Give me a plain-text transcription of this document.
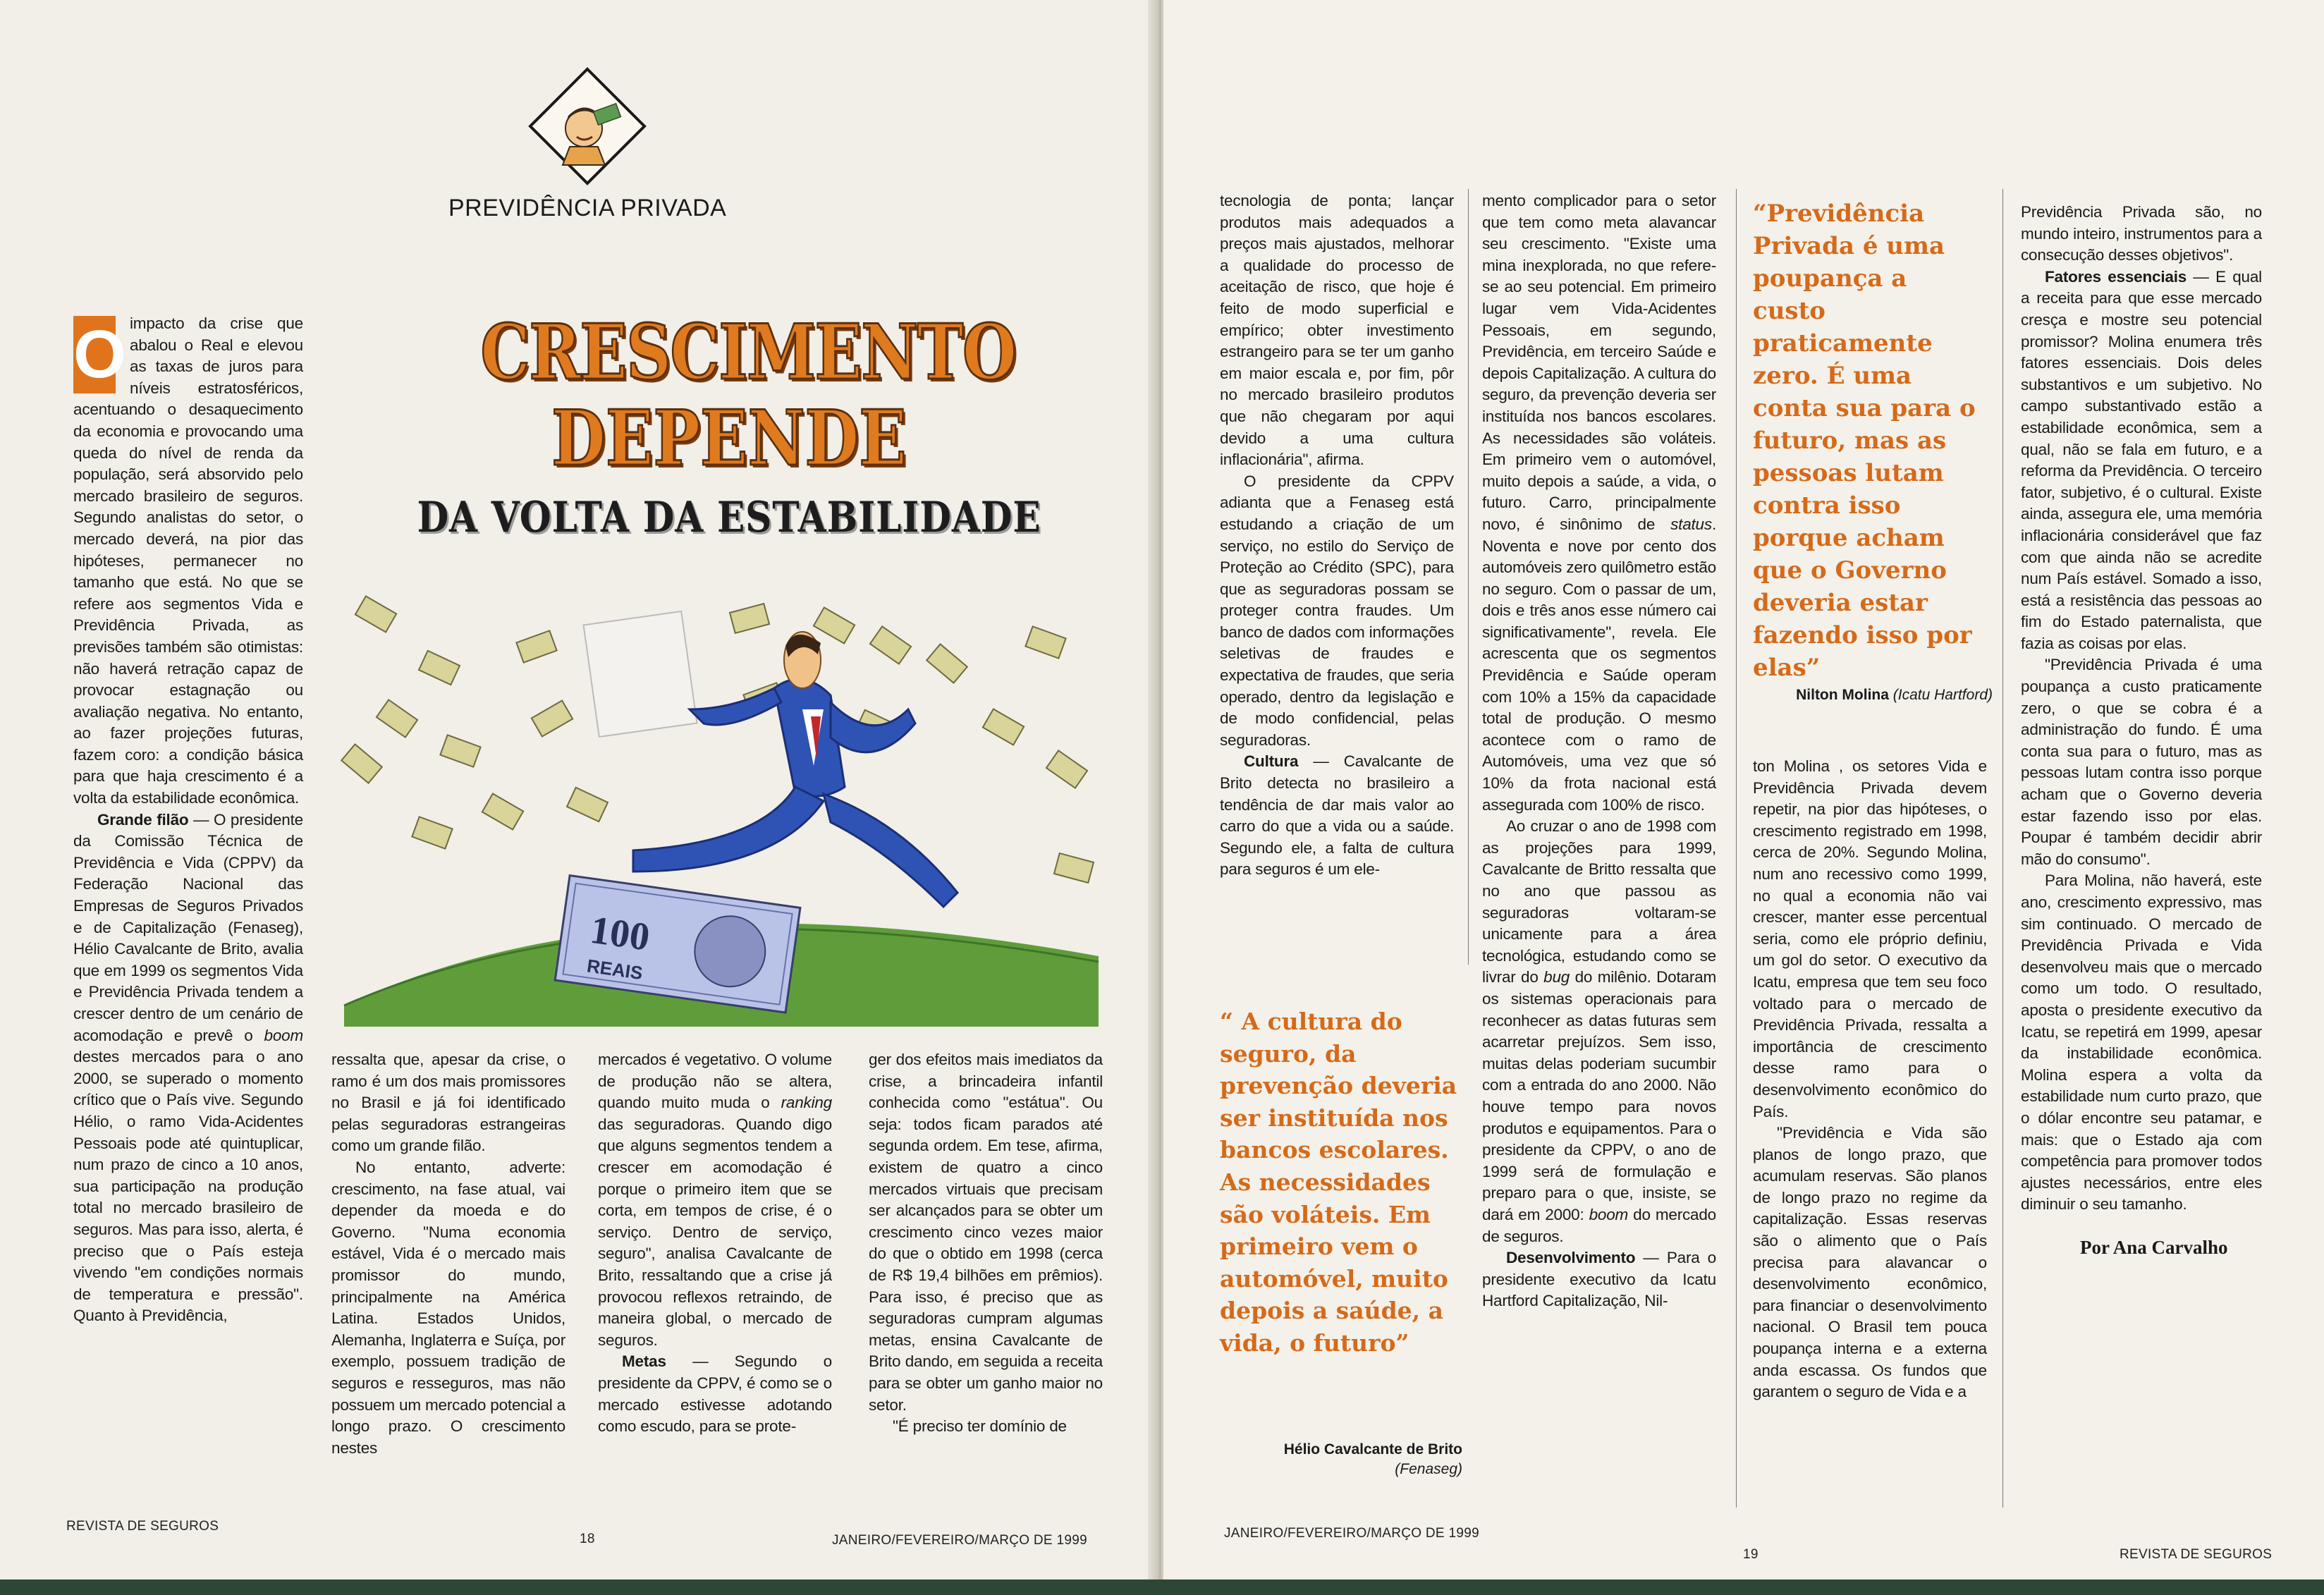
PREVIDÊNCIA PRIVADA
CRESCIMENTO
DEPENDE
DA VOLTA DA ESTABILIDADE
100
REAIS
O impacto da crise que abalou o Real e elevou as taxas de juros para níveis estratosféricos, acentuando o desaquecimento da economia e provocando uma queda do nível de renda da população, será absorvido pelo mercado brasileiro de seguros. Segundo analistas do setor, o mercado deverá, na pior das hipóteses, permanecer no tamanho que está. No que se refere aos segmentos Vida e Previdência Privada, as previsões também são otimistas: não haverá retração capaz de provocar estagnação ou avaliação negativa. No entanto, ao fazer projeções futuras, fazem coro: a condição básica para que haja crescimento é a volta da estabilidade econômica.

Grande filão — O presidente da Comissão Técnica de Previdência e Vida (CPPV) da Federação Nacional das Empresas de Seguros Privados e de Capitalização (Fenaseg), Hélio Cavalcante de Brito, avalia que em 1999 os segmentos Vida e Previdência Privada tendem a crescer dentro de um cenário de acomodação e prevê o boom destes mercados para o ano 2000, se superado o momento crítico que o País vive. Segundo Hélio, o ramo Vida-Acidentes Pessoais pode até quintuplicar, num prazo de cinco a 10 anos, sua participação na produção total no mercado brasileiro de seguros. Mas para isso, alerta, é preciso que o País esteja vivendo "em condições normais de temperatura e pressão". Quanto à Previdência,

ressalta que, apesar da crise, o ramo é um dos mais promissores no Brasil e já foi identificado pelas seguradoras estrangeiras como um grande filão.

No entanto, adverte: crescimento, na fase atual, vai depender da moeda e do Governo. "Numa economia estável, Vida é o mercado mais promissor do mundo, principalmente na América Latina. Estados Unidos, Alemanha, Inglaterra e Suíça, por exemplo, possuem tradição de seguros e resseguros, mas não possuem um mercado potencial a longo prazo. O crescimento nestes

mercados é vegetativo. O volume de produção não se altera, quando muito muda o ranking das seguradoras. Quando digo que alguns segmentos tendem a crescer em acomodação é porque o primeiro item que se corta, em tempos de crise, é o serviço. Dentro de serviço, seguro", analisa Cavalcante de Brito, ressaltando que a crise já provocou reflexos retraindo, de maneira global, o mercado de seguros.

Metas — Segundo o presidente da CPPV, é como se o mercado estivesse adotando como escudo, para se prote-

ger dos efeitos mais imediatos da crise, a brincadeira infantil conhecida como "estátua". Ou seja: todos ficam parados até segunda ordem. Em tese, afirma, existem de quatro a cinco mercados virtuais que precisam ser alcançados para se obter um crescimento cinco vezes maior do que o obtido em 1998 (cerca de R$ 19,4 bilhões em prêmios). Para isso, é preciso que as seguradoras cumpram algumas metas, ensina Cavalcante de Brito dando, em seguida a receita para se obter um ganho maior no setor.

"É preciso ter domínio de

REVISTA DE SEGUROS
18	JANEIRO/FEVEREIRO/MARÇO DE 1999

tecnologia de ponta; lançar produtos mais adequados a preços mais ajustados, melhorar a qualidade do processo de aceitação de risco, que hoje é feito de modo superficial e empírico; obter investimento estrangeiro para se ter um ganho em maior escala e, por fim, pôr no mercado brasileiro produtos que não chegaram por aqui devido a uma cultura inflacionária", afirma.

O presidente da CPPV adianta que a Fenaseg está estudando a criação de um serviço, no estilo do Serviço de Proteção ao Crédito (SPC), para que as seguradoras possam se proteger contra fraudes. Um banco de dados com informações seletivas de fraudes e expectativa de fraudes, que seria operado, dentro da legislação e de modo confidencial, pelas seguradoras.

Cultura — Cavalcante de Brito detecta no brasileiro a tendência de dar mais valor ao carro do que a vida ou a saúde. Segundo ele, a falta de cultura para seguros é um ele-

mento complicador para o setor que tem como meta alavancar seu crescimento. "Existe uma mina inexplorada, no que refere-se ao seu potencial. Em primeiro lugar vem Vida-Acidentes Pessoais, em segundo, Previdência, em terceiro Saúde e depois Capitalização. A cultura do seguro, da prevenção deveria ser instituída nos bancos escolares. As necessidades são voláteis. Em primeiro vem o automóvel, muito depois a saúde, a vida, o futuro. Carro, principalmente novo, é sinônimo de status. Noventa e nove por cento dos automóveis zero quilômetro estão no seguro. Com o passar de um, dois e três anos esse número cai significativamente", revela. Ele acrescenta que os segmentos Previdência e Saúde operam com 10% a 15% da capacidade total de produção. O mesmo acontece com o ramo de Automóveis, uma vez que só 10% da frota nacional está assegurada com 100% de risco.

Ao cruzar o ano de 1998 com as projeções para 1999, Cavalcante de Britto ressalta que no ano que passou as seguradoras voltaram-se unicamente para a área tecnológica, estudando como se livrar do bug do milênio. Dotaram os sistemas operacionais para reconhecer as datas futuras sem acarretar prejuízos. Sem isso, muitas delas poderiam sucumbir com a entrada do ano 2000. Não houve tempo para novos produtos e equipamentos. Para o presidente da CPPV, o ano de 1999 será de formulação e preparo para o que, insiste, se dará em 2000: boom do mercado de seguros.

Desenvolvimento — Para o presidente executivo da Icatu Hartford Capitalização, Nil-

ton Molina , os setores Vida e Previdência Privada devem repetir, na pior das hipóteses, o crescimento registrado em 1998, cerca de 20%. Segundo Molina, num ano recessivo como 1999, no qual a economia não vai crescer, manter esse percentual seria, como ele próprio definiu, um gol do setor. O executivo da Icatu, empresa que tem seu foco voltado para o mercado de Previdência Privada, ressalta a importância de crescimento desse ramo para o desenvolvimento econômico do País.

"Previdência e Vida são planos de longo prazo, que acumulam reservas. São planos de longo prazo no regime da capitalização. Essas reservas são o alimento que o País precisa para alavancar o desenvolvimento econômico, para financiar o desenvolvimento nacional. O Brasil tem pouca poupança interna e a externa anda escassa. Os fundos que garantem o seguro de Vida e a

Previdência Privada são, no mundo inteiro, instrumentos para a consecução desses objetivos".

Fatores essenciais — E qual a receita para que esse mercado cresça e mostre seu potencial promissor? Molina enumera três fatores essenciais. Dois deles substantivos e um subjetivo. No campo substantivado estão a estabilidade econômica, sem a qual, não se fala em futuro, e a reforma da Previdência. O terceiro fator, subjetivo, é o cultural. Existe ainda, assegura ele, uma memória inflacionária considerável que faz com que ainda não se acredite num País estável. Somado a isso, está a resistência das pessoas ao fim do Estado paternalista, que fazia as coisas por elas.

"Previdência Privada é uma poupança a custo praticamente zero, o que se cobra é a administração do fundo. É uma conta sua para o futuro, mas as pessoas lutam contra isso porque acham que o Governo deveria estar fazendo isso por elas. Poupar é também decidir abrir mão do consumo".

Para Molina, não haverá, este ano, crescimento expressivo, mas sim continuado. O mercado de Previdência Privada e Vida desenvolveu mais que o mercado como um todo. O resultado, aposta o presidente executivo da Icatu, se repetirá em 1999, apesar da instabilidade econômica. Molina espera a volta da estabilidade num curto prazo, que o dólar encontre seu patamar, e mais: que o Estado aja com competência para promover todos ajustes necessários, entre eles diminuir o seu tamanho.

Por Ana Carvalho
“Previdência Privada é uma poupança a custo praticamente zero. É uma conta sua para o futuro, mas as pessoas lutam contra isso porque acham que o Governo deveria estar fazendo isso por elas”
Nilton Molina (Icatu Hartford)
“ A cultura do seguro, da prevenção deveria ser instituída nos bancos escolares. As necessidades são voláteis. Em primeiro vem o automóvel, muito depois a saúde, a vida, o futuro”
Hélio Cavalcante de Brito
(Fenaseg)
JANEIRO/FEVEREIRO/MARÇO DE 1999
19	REVISTA DE SEGUROS
